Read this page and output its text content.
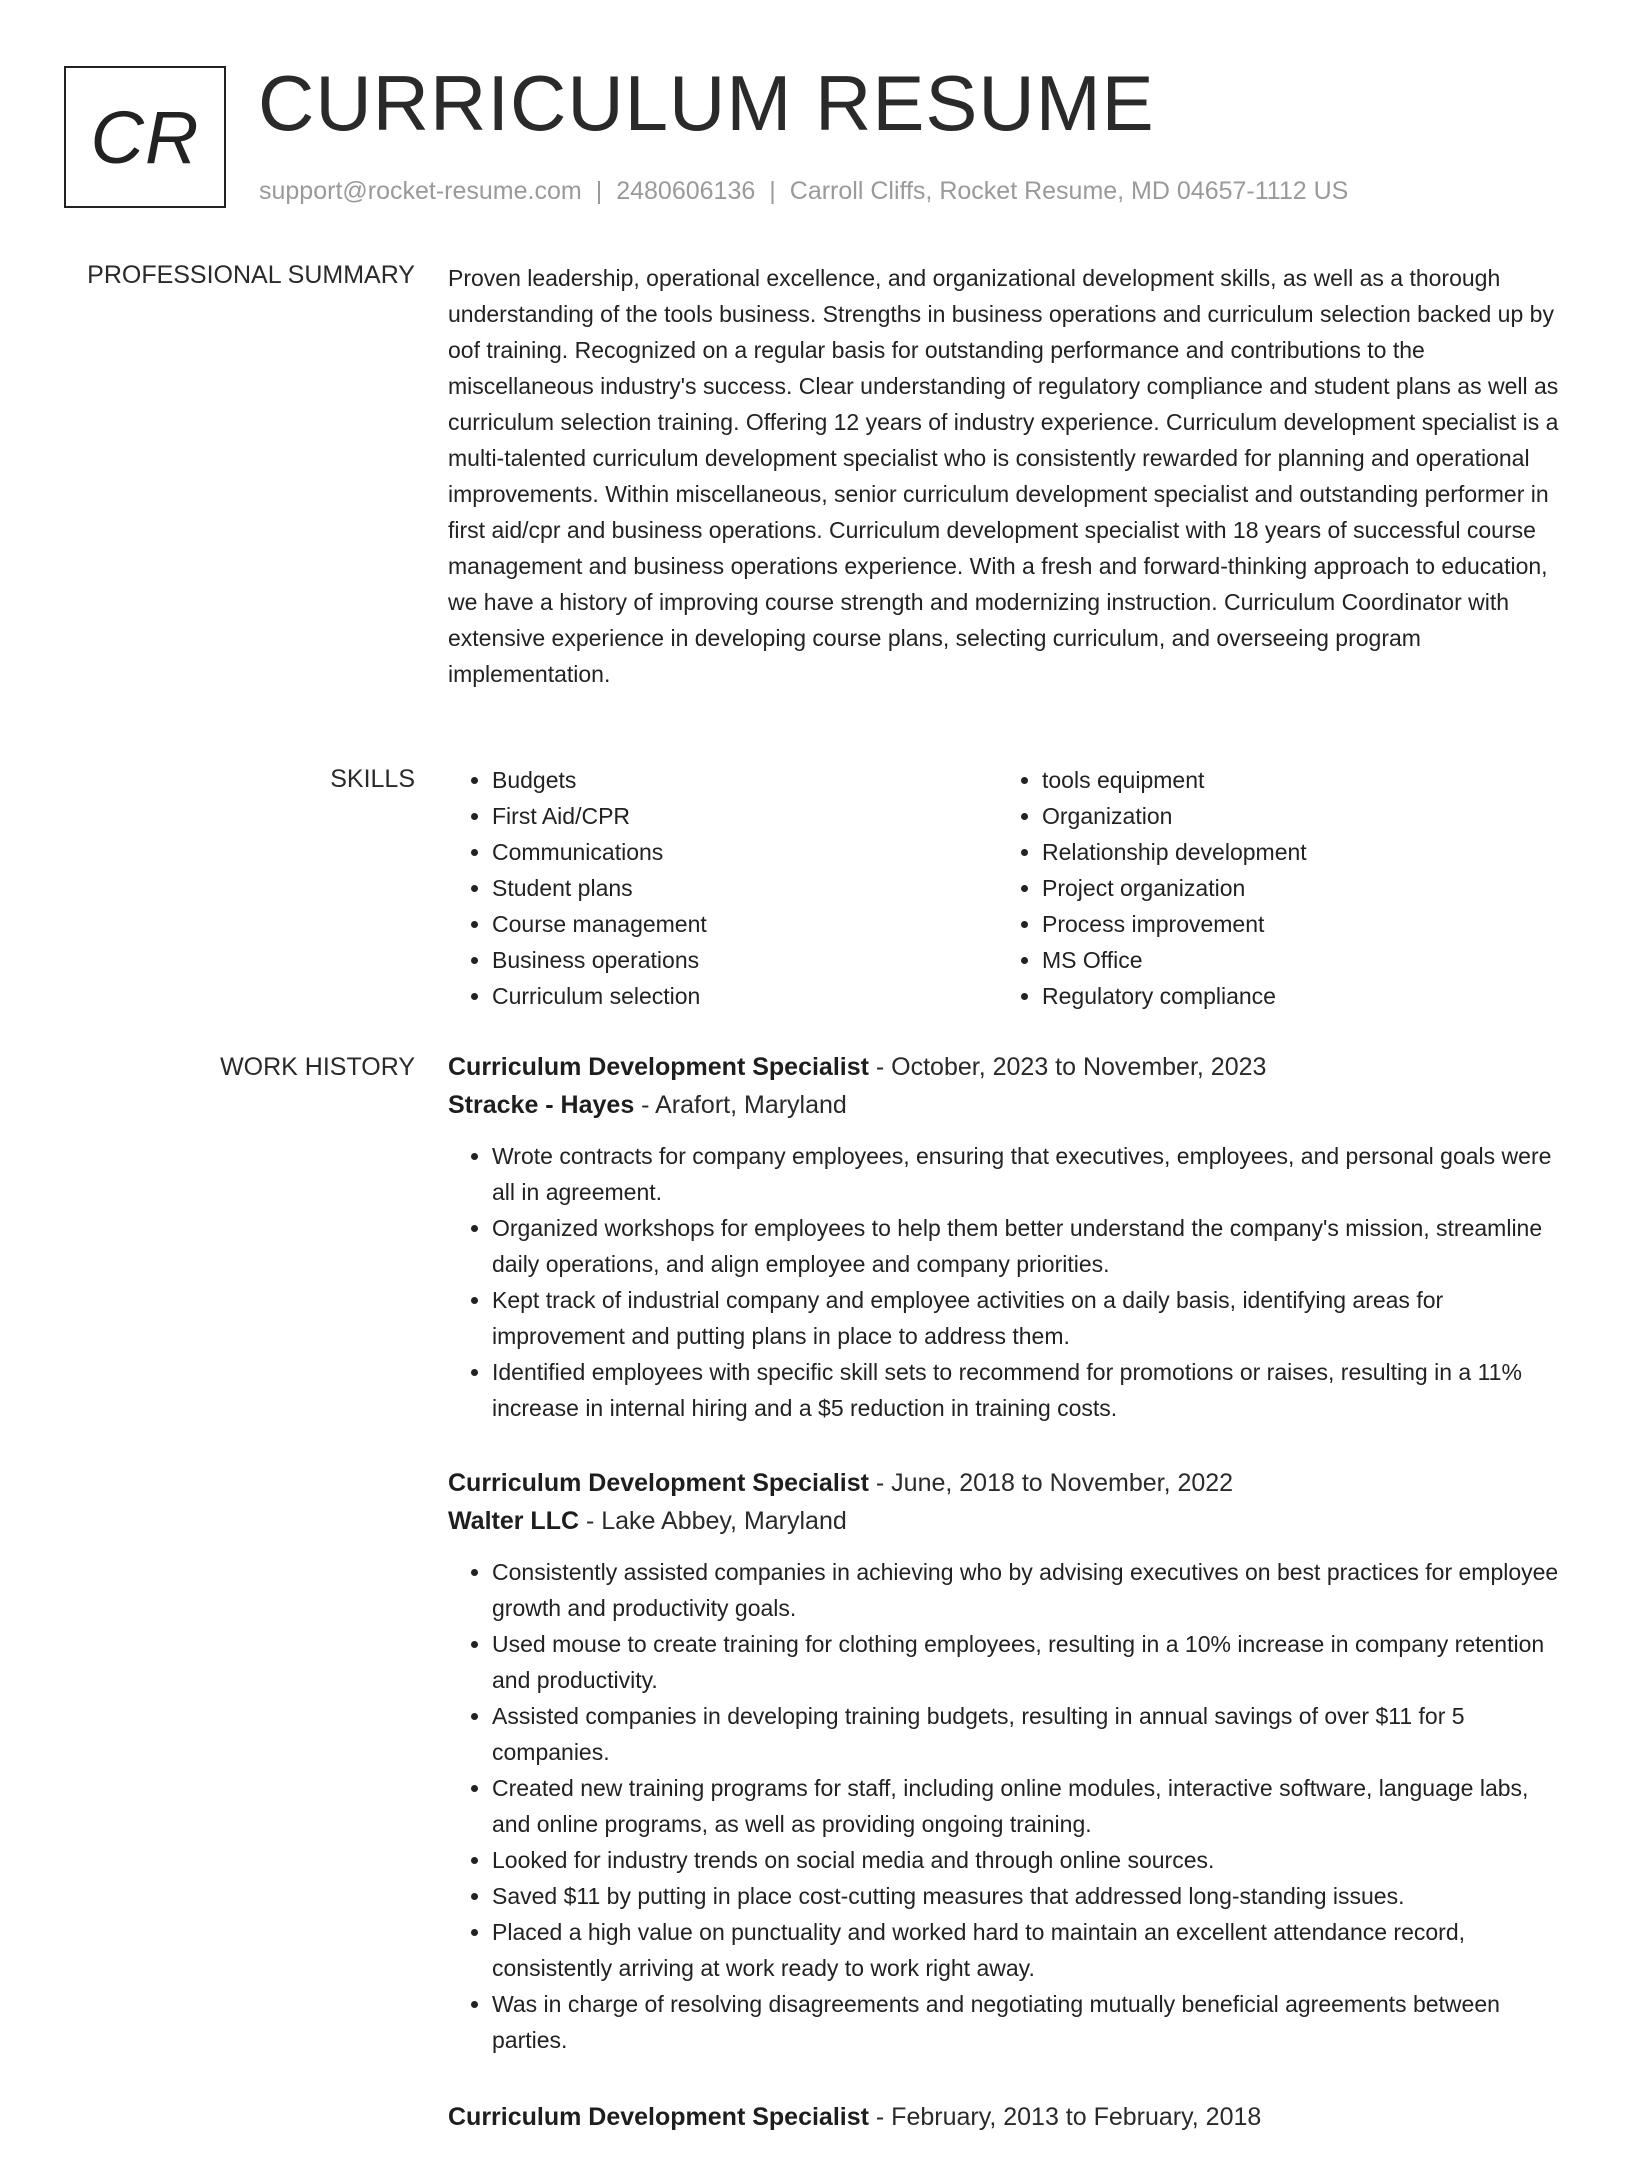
CR CURRICULUM RESUME
support@rocket-resume.com | 2480606136 | Carroll Cliffs, Rocket Resume, MD 04657-1112 US
PROFESSIONAL SUMMARY Proven leadership, operational excellence, and organizational development skills, as well as a thorough understanding of the tools business. Strengths in business operations and curriculum selection backed up by oof training. Recognized on a regular basis for outstanding performance and contributions to the miscellaneous industry's success. Clear understanding of regulatory compliance and student plans as well as curriculum selection training. Offering 12 years of industry experience. Curriculum development specialist is a multi-talented curriculum development specialist who is consistently rewarded for planning and operational improvements. Within miscellaneous, senior curriculum development specialist and outstanding performer in first aid/cpr and business operations. Curriculum development specialist with 18 years of successful course management and business operations experience. With a fresh and forward-thinking approach to education, we have a history of improving course strength and modernizing instruction. Curriculum Coordinator with extensive experience in developing course plans, selecting curriculum, and overseeing program implementation.

SKILLS
•	Budgets
• First Aid/CPR
• Communications
• Student plans
• Course management
• Business operations
• Curriculum selection
• tools equipment
• Organization
• Relationship development
• Project organization
• Process improvement
• MS Office
• Regulatory compliance
WORK HISTORY Curriculum Development Specialist - October, 2023 to November, 2023
Stracke - Hayes - Arafort, Maryland
• Wrote contracts for company employees, ensuring that executives, employees, and personal goals were all in agreement.
• Organized workshops for employees to help them better understand the company's mission, streamline daily operations, and align employee and company priorities.
• Kept track of industrial company and employee activities on a daily basis, identifying areas for improvement and putting plans in place to address them.
• Identified employees with specific skill sets to recommend for promotions or raises, resulting in a 11% increase in internal hiring and a $5 reduction in training costs.
Curriculum Development Specialist - June, 2018 to November, 2022
Walter LLC - Lake Abbey, Maryland
• Consistently assisted companies in achieving who by advising executives on best practices for employee growth and productivity goals.
• Used mouse to create training for clothing employees, resulting in a 10% increase in company retention and productivity.
• Assisted companies in developing training budgets, resulting in annual savings of over $11 for 5 companies.
• Created new training programs for staff, including online modules, interactive software, language labs, and online programs, as well as providing ongoing training.
• Looked for industry trends on social media and through online sources.
• Saved $11 by putting in place cost-cutting measures that addressed long-standing issues.
• Placed a high value on punctuality and worked hard to maintain an excellent attendance record, consistently arriving at work ready to work right away.
• Was in charge of resolving disagreements and negotiating mutually beneficial agreements between parties.
Curriculum Development Specialist - February, 2013 to February, 2018
